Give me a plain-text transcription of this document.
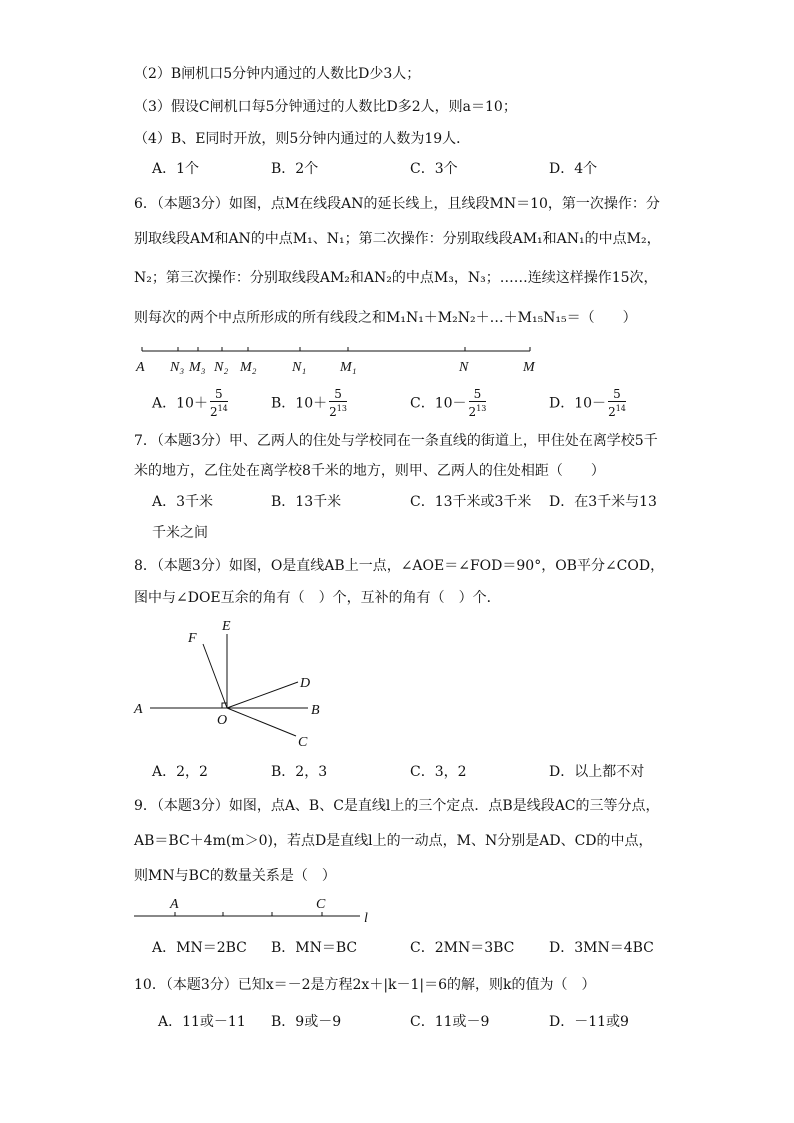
（2）B闸机口5分钟内通过的人数比D少3人；
（3）假设C闸机口每5分钟通过的人数比D多2人，则a＝10；
（4）B、E同时开放，则5分钟内通过的人数为19人．
A．1个	B．2个	C．3个	D．4个
6．（本题3分）如图，点M在线段AN的延长线上，且线段MN＝10，第一次操作：分
别取线段AM和AN的中点M₁、N₁；第二次操作：分别取线段AM₁和AN₁的中点M₂，
N₂；第三次操作：分别取线段AM₂和AN₂的中点M₃，N₃；……连续这样操作15次，
则每次的两个中点所形成的所有线段之和M₁N₁＋M₂N₂＋…＋M₁₅N₁₅＝（　　）
A N₃ M₃ N₂ M₂	N₁ M₁	N	M
A．$10+ \frac{5}{2^{14}}$	B．$10+ \frac{5}{2^{13}}$	C．$10- \frac{5}{2^{13}}$	D．$10- \frac{5}{2^{14}}$
7．（本题3分）甲、乙两人的住处与学校同在一条直线的街道上，甲住处在离学校5千
米的地方，乙住处在离学校8千米的地方，则甲、乙两人的住处相距（　　）
A．3千米	B．13千米	C．13千米或3千米 D．在3千米与13
千米之间
8．（本题3分）如图，O是直线AB上一点，∠AOE＝∠FOD＝90°，OB平分∠COD，
图中与∠DOE互余的角有（　）个，互补的角有（　）个．
F
E
D
A
O
B
C
A．2，2	B．2，3	C．3，2	D．以上都不对
9．（本题3分）如图，点A、B、C是直线l上的三个定点．点B是线段AC的三等分点，
AB＝BC＋4m(m＞0)，若点D是直线l上的一动点，M、N分别是AD、CD的中点，
则MN与BC的数量关系是（　）
A	C
l
A．MN＝2BC B．MN＝BC	C．2MN＝3BC D．3MN＝4BC
10．（本题3分）已知x＝－2是方程2x＋|k－1|＝6的解，则k的值为（　）
A．11或－11 B．9或－9	C．11或－9	D．－11或9
